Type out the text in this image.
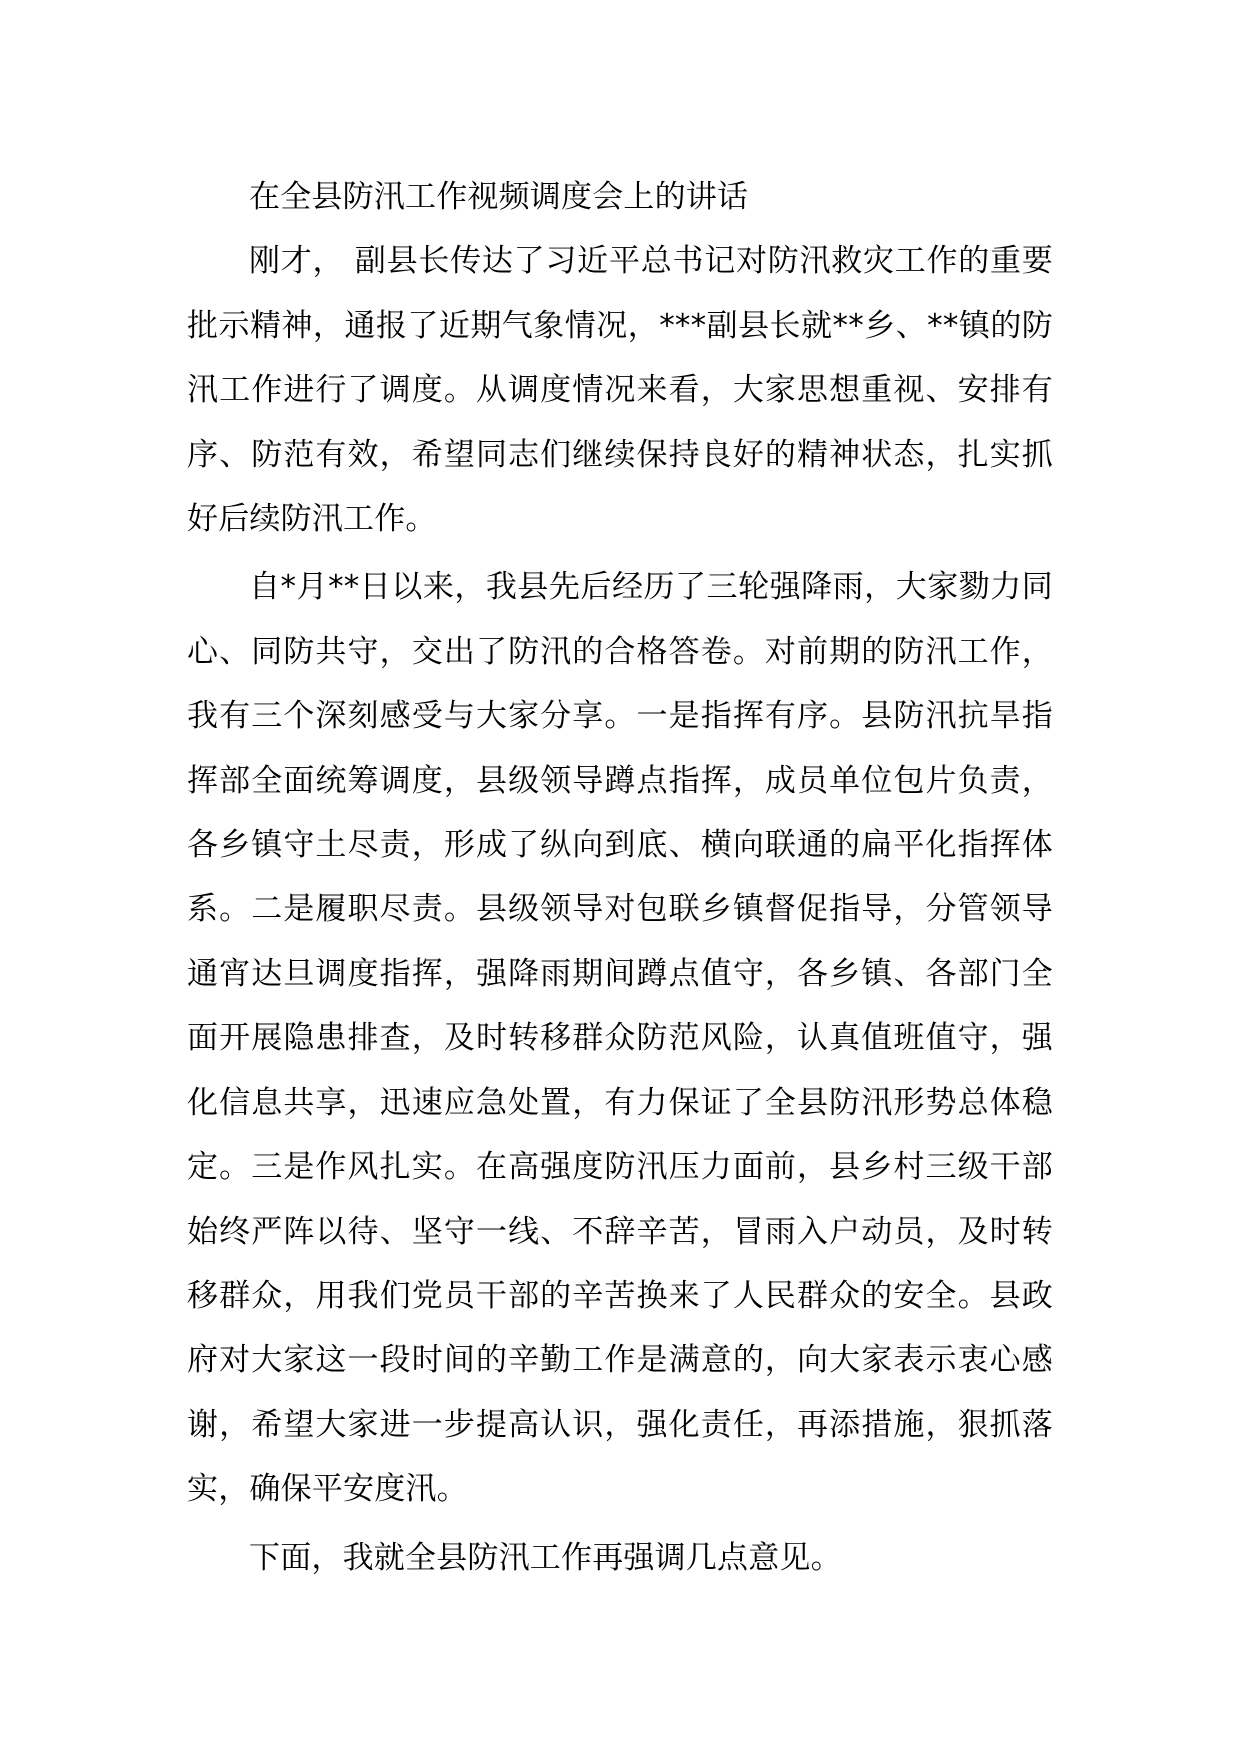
在全县防汛工作视频调度会上的讲话

刚才， 副县长传达了习近平总书记对防汛救灾工作的重要批示精神，通报了近期气象情况，***副县长就**乡、**镇的防汛工作进行了调度。从调度情况来看，大家思想重视、安排有序、防范有效，希望同志们继续保持良好的精神状态，扎实抓好后续防汛工作。

自*月**日以来，我县先后经历了三轮强降雨，大家勠力同心、同防共守，交出了防汛的合格答卷。对前期的防汛工作，我有三个深刻感受与大家分享。一是指挥有序。县防汛抗旱指挥部全面统筹调度，县级领导蹲点指挥，成员单位包片负责，各乡镇守土尽责，形成了纵向到底、横向联通的扁平化指挥体系。二是履职尽责。县级领导对包联乡镇督促指导，分管领导通宵达旦调度指挥，强降雨期间蹲点值守，各乡镇、各部门全面开展隐患排查，及时转移群众防范风险，认真值班值守，强化信息共享，迅速应急处置，有力保证了全县防汛形势总体稳定。三是作风扎实。在高强度防汛压力面前，县乡村三级干部始终严阵以待、坚守一线、不辞辛苦，冒雨入户动员，及时转移群众，用我们党员干部的辛苦换来了人民群众的安全。县政府对大家这一段时间的辛勤工作是满意的，向大家表示衷心感谢，希望大家进一步提高认识，强化责任，再添措施，狠抓落实，确保平安度汛。

下面，我就全县防汛工作再强调几点意见。
